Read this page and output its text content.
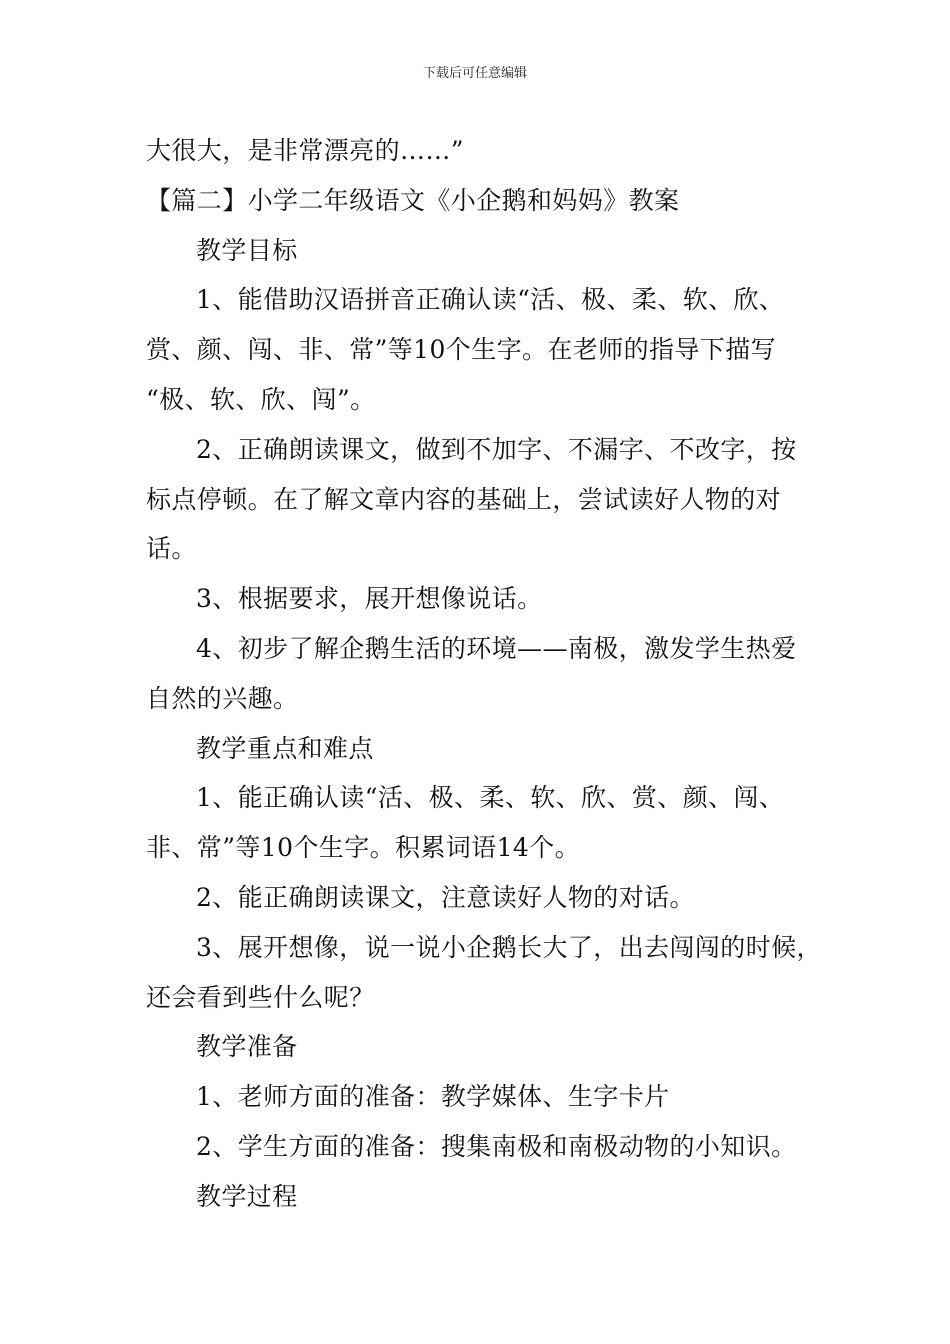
下载后可任意编辑
大很大，是非常漂亮的……”
【篇二】小学二年级语文《小企鹅和妈妈》教案
教学目标
1、能借助汉语拼音正确认读“活、极、柔、软、欣、
赏、颜、闯、非、常”等10个生字。在老师的指导下描写
“极、软、欣、闯”。
2、正确朗读课文，做到不加字、不漏字、不改字，按
标点停顿。在了解文章内容的基础上，尝试读好人物的对
话。
3、根据要求，展开想像说话。
4、初步了解企鹅生活的环境——南极，激发学生热爱
自然的兴趣。
教学重点和难点
1、能正确认读“活、极、柔、软、欣、赏、颜、闯、
非、常”等10个生字。积累词语14个。
2、能正确朗读课文，注意读好人物的对话。
3、展开想像，说一说小企鹅长大了，出去闯闯的时候，
还会看到些什么呢？
教学准备
1、老师方面的准备：教学媒体、生字卡片
2、学生方面的准备：搜集南极和南极动物的小知识。
教学过程
